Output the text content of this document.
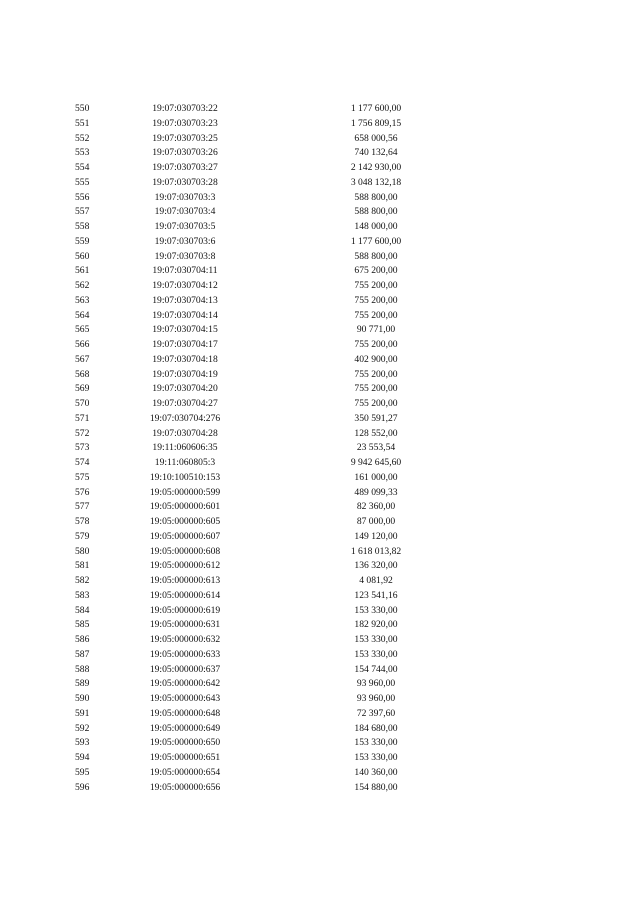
550	19:07:030703:22	1 177 600,00
551	19:07:030703:23	1 756 809,15
552	19:07:030703:25	658 000,56
553	19:07:030703:26	740 132,64
554	19:07:030703:27	2 142 930,00
555	19:07:030703:28	3 048 132,18
556	19:07:030703:3	588 800,00
557	19:07:030703:4	588 800,00
558	19:07:030703:5	148 000,00
559	19:07:030703:6	1 177 600,00
560	19:07:030703:8	588 800,00
561	19:07:030704:11	675 200,00
562	19:07:030704:12	755 200,00
563	19:07:030704:13	755 200,00
564	19:07:030704:14	755 200,00
565	19:07:030704:15	90 771,00
566	19:07:030704:17	755 200,00
567	19:07:030704:18	402 900,00
568	19:07:030704:19	755 200,00
569	19:07:030704:20	755 200,00
570	19:07:030704:27	755 200,00
571	19:07:030704:276	350 591,27
572	19:07:030704:28	128 552,00
573	19:11:060606:35	23 553,54
574	19:11:060805:3	9 942 645,60
575	19:10:100510:153	161 000,00
576	19:05:000000:599	489 099,33
577	19:05:000000:601	82 360,00
578	19:05:000000:605	87 000,00
579	19:05:000000:607	149 120,00
580	19:05:000000:608	1 618 013,82
581	19:05:000000:612	136 320,00
582	19:05:000000:613	4 081,92
583	19:05:000000:614	123 541,16
584	19:05:000000:619	153 330,00
585	19:05:000000:631	182 920,00
586	19:05:000000:632	153 330,00
587	19:05:000000:633	153 330,00
588	19:05:000000:637	154 744,00
589	19:05:000000:642	93 960,00
590	19:05:000000:643	93 960,00
591	19:05:000000:648	72 397,60
592	19:05:000000:649	184 680,00
593	19:05:000000:650	153 330,00
594	19:05:000000:651	153 330,00
595	19:05:000000:654	140 360,00
596	19:05:000000:656	154 880,00
